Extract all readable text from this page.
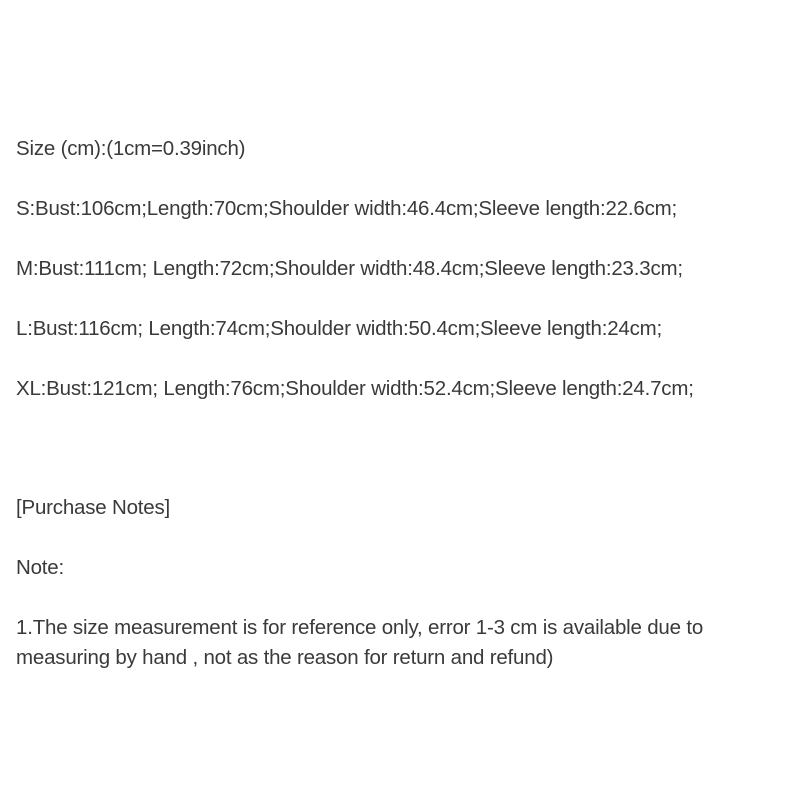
Size (cm):(1cm=0.39inch)
S:Bust:106cm;Length:70cm;Shoulder width:46.4cm;Sleeve length:22.6cm;
M:Bust:111cm; Length:72cm;Shoulder width:48.4cm;Sleeve length:23.3cm;
L:Bust:116cm; Length:74cm;Shoulder width:50.4cm;Sleeve length:24cm;
XL:Bust:121cm; Length:76cm;Shoulder width:52.4cm;Sleeve length:24.7cm;
[Purchase Notes]
Note:
1.The size measurement is for reference only, error 1-3 cm is available due to measuring by hand , not as the reason for return and refund)
